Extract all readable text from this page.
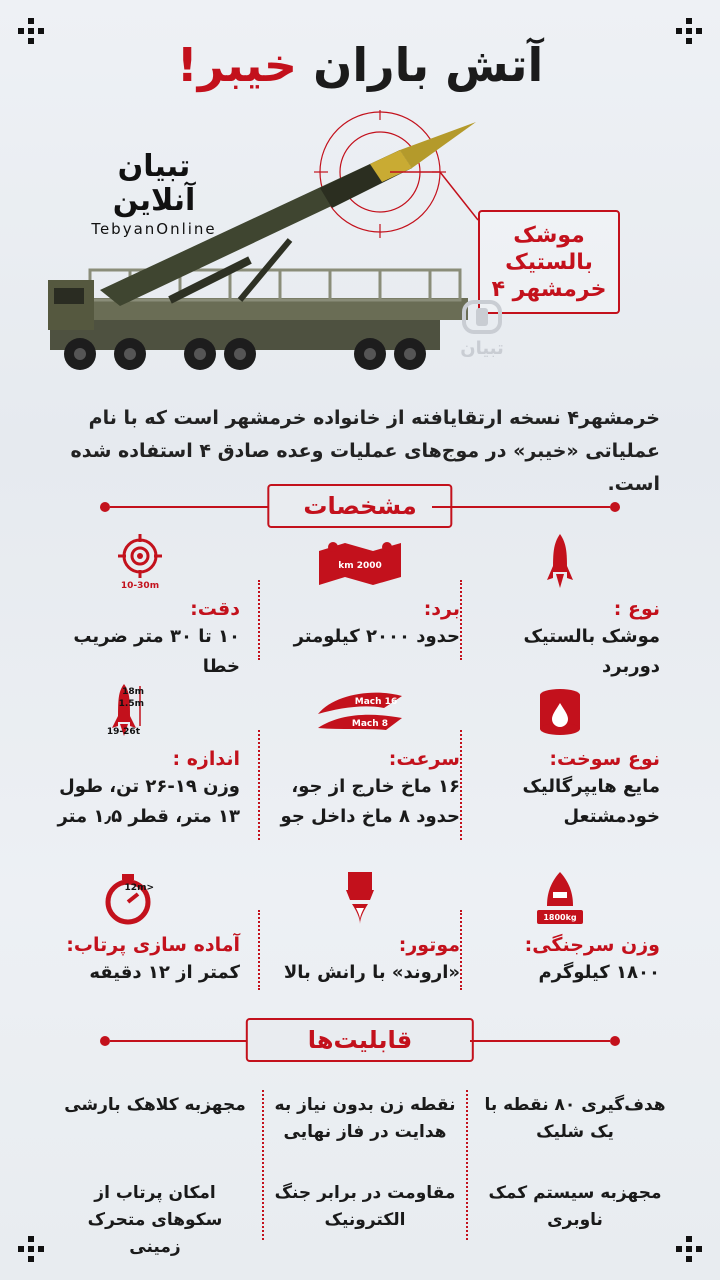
آتش باران خیبر!
تبیان آنلاین
TebyanOnline	موشک
بالستیک
خرمشهر ۴
تبیان
خرمشهر۴ نسخه ارتقایافته از خانواده خرمشهر است که با نام عملیاتی «خیبر» در موج‌های عملیات وعده صادق ۴ استفاده شده است.
مشخصات
نوع :
موشک بالستیک دوربرد
2000 km
برد:
حدود ۲۰۰۰ کیلومتر
10-30m
دقت:
۱۰ تا ۳۰ متر ضریب خطا
نوع سوخت:
مایع هایپرگالیک خودمشتعل
Mach 16
Mach 8
سرعت:
۱۶ ماخ خارج از جو، حدود ۸ ماخ داخل جو
18m
1.5m
19-26t
اندازه :
وزن ۱۹-۲۶ تن، طول ۱۳ متر، قطر ۱٫۵ متر
1800kg
وزن سرجنگی:
۱۸۰۰ کیلوگرم
موتور:
«اروند» با رانش بالا
<12m
آماده سازی پرتاب:
کمتر از ۱۲ دقیقه
قابلیت‌ها
هدف‌گیری ۸۰ نقطه با یک شلیک
نقطه زن بدون نیاز به هدایت در فاز نهایی
مجهزبه کلاهک بارشی
مجهزبه سیستم کمک ناوبری
مقاومت در برابر جنگ الکترونیک
امکان پرتاب از سکوهای متحرک زمینی
